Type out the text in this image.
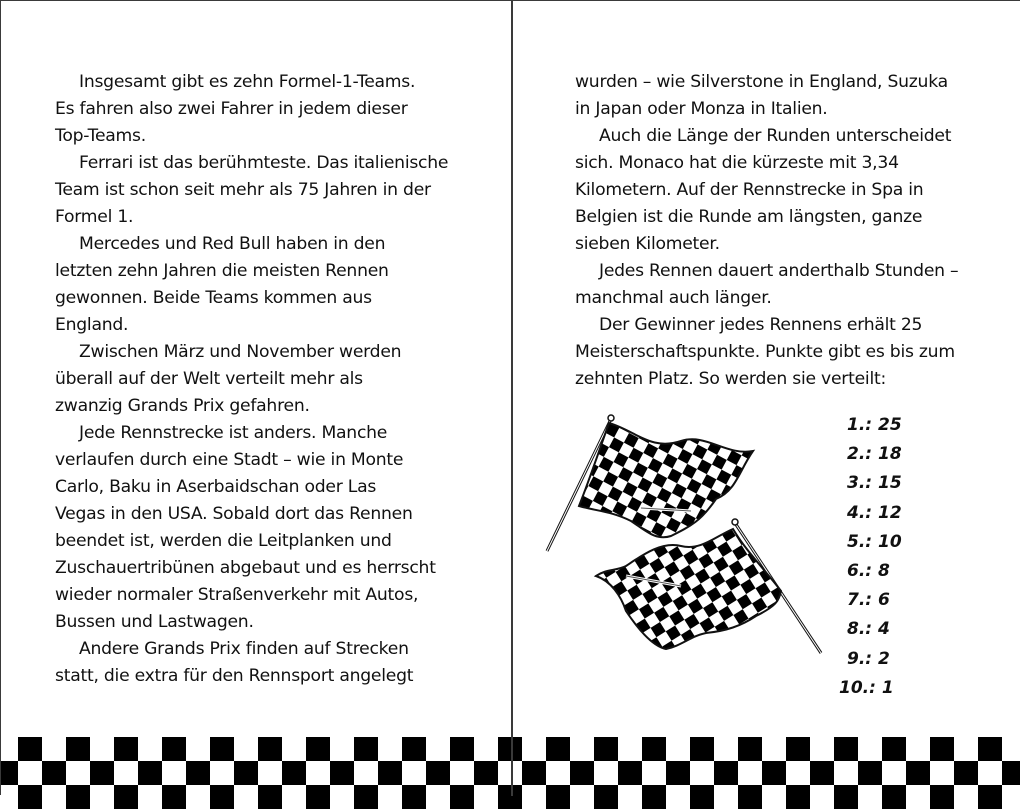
Insgesamt gibt es zehn Formel-1-Teams.
Es fahren also zwei Fahrer in jedem dieser
Top-Teams.
Ferrari ist das berühmteste. Das italienische
Team ist schon seit mehr als 75 Jahren in der
Formel 1.
Mercedes und Red Bull haben in den
letzten zehn Jahren die meisten Rennen
gewonnen. Beide Teams kommen aus
England.
Zwischen März und November werden
überall auf der Welt verteilt mehr als
zwanzig Grands Prix gefahren.
Jede Rennstrecke ist anders. Manche
verlaufen durch eine Stadt – wie in Monte
Carlo, Baku in Aserbaidschan oder Las
Vegas in den USA. Sobald dort das Rennen
beendet ist, werden die Leitplanken und
Zuschauertribünen abgebaut und es herrscht
wieder normaler Straßenverkehr mit Autos,
Bussen und Lastwagen.
Andere Grands Prix finden auf Strecken
statt, die extra für den Rennsport angelegt
wurden – wie Silverstone in England, Suzuka
in Japan oder Monza in Italien.
Auch die Länge der Runden unterscheidet
sich. Monaco hat die kürzeste mit 3,34
Kilometern. Auf der Rennstrecke in Spa in
Belgien ist die Runde am längsten, ganze
sieben Kilometer.
Jedes Rennen dauert anderthalb Stunden –
manchmal auch länger.
Der Gewinner jedes Rennens erhält 25
Meisterschaftspunkte. Punkte gibt es bis zum
zehnten Platz. So werden sie verteilt:
1.: 25
2.: 18
3.: 15
4.: 12
5.: 10
6.: 8
7.: 6
8.: 4
9.: 2
10.: 1
